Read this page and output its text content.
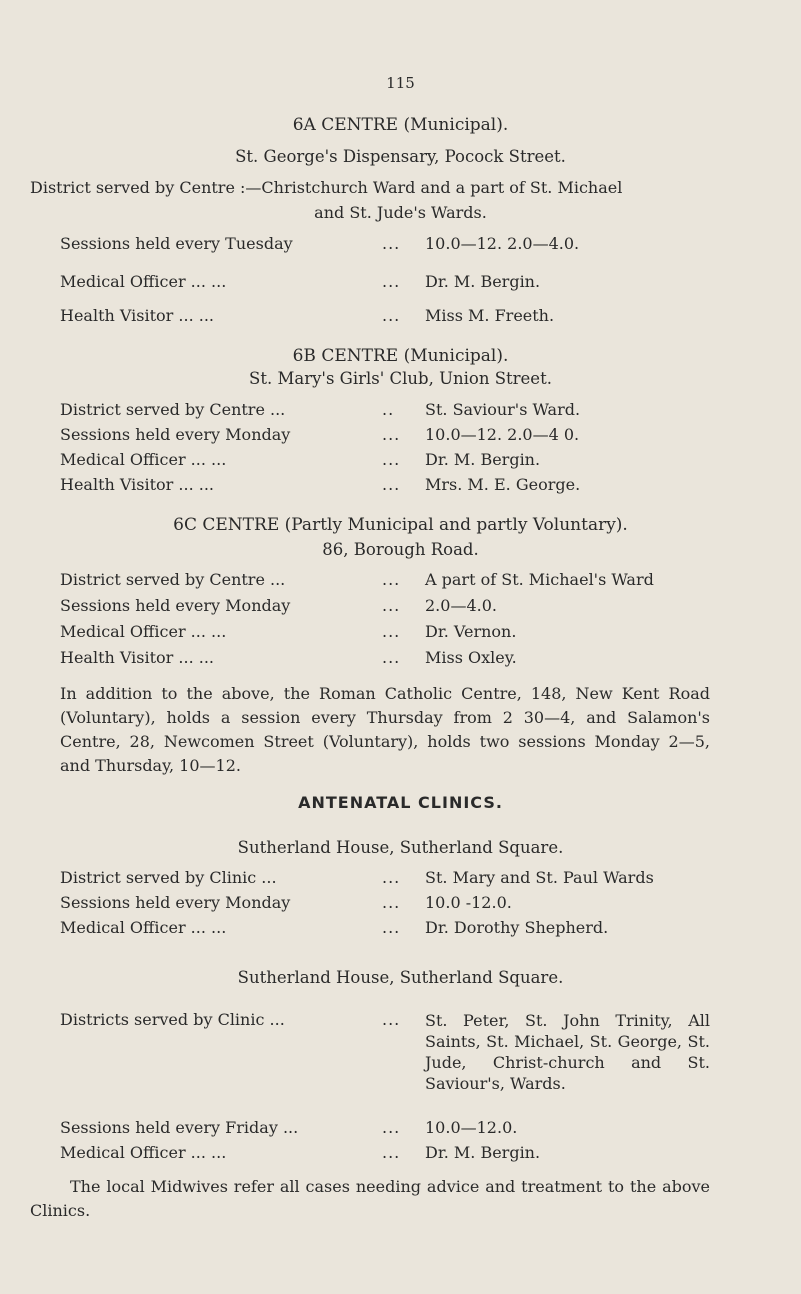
115
6A CENTRE (Municipal).
St. George's Dispensary, Pocock Street.
District served by Centre :—Christchurch Ward and a part of St. Michael
and St. Jude's Wards.
Sessions held every Tuesday	... 10.0—12. 2.0—4.0.
Medical Officer ... ...	... Dr. M. Bergin.
Health Visitor ... ...	... Miss M. Freeth.
6B CENTRE (Municipal).
St. Mary's Girls' Club, Union Street.
District served by Centre ...	.. St. Saviour's Ward.
Sessions held every Monday	... 10.0—12. 2.0—4 0.
Medical Officer ... ...	... Dr. M. Bergin.
Health Visitor ... ...	... Mrs. M. E. George.
6C CENTRE (Partly Municipal and partly Voluntary).
86, Borough Road.
District served by Centre ...	... A part of St. Michael's Ward
Sessions held every Monday	... 2.0—4.0.
Medical Officer ... ...	... Dr. Vernon.
Health Visitor ... ...	... Miss Oxley.

In addition to the above, the Roman Catholic Centre, 148, New Kent Road (Voluntary), holds a session every Thursday from 2 30—4, and Salamon's Centre, 28, Newcomen Street (Voluntary), holds two sessions Monday 2—5, and Thursday, 10—12.

ANTENATAL CLINICS.
Sutherland House, Sutherland Square.
District served by Clinic ...	... St. Mary and St. Paul Wards
Sessions held every Monday	... 10.0 -12.0.
Medical Officer ... ...	... Dr. Dorothy Shepherd.
Sutherland House, Sutherland Square.
Districts served by Clinic ...	... St. Peter, St. John Trinity, All Saints, St. Michael, St. George, St. Jude, Christ-church and St. Saviour's, Wards.
Sessions held every Friday ...	... 10.0—12.0.
Medical Officer ... ...	... Dr. M. Bergin.

The local Midwives refer all cases needing advice and treatment to the above Clinics.
